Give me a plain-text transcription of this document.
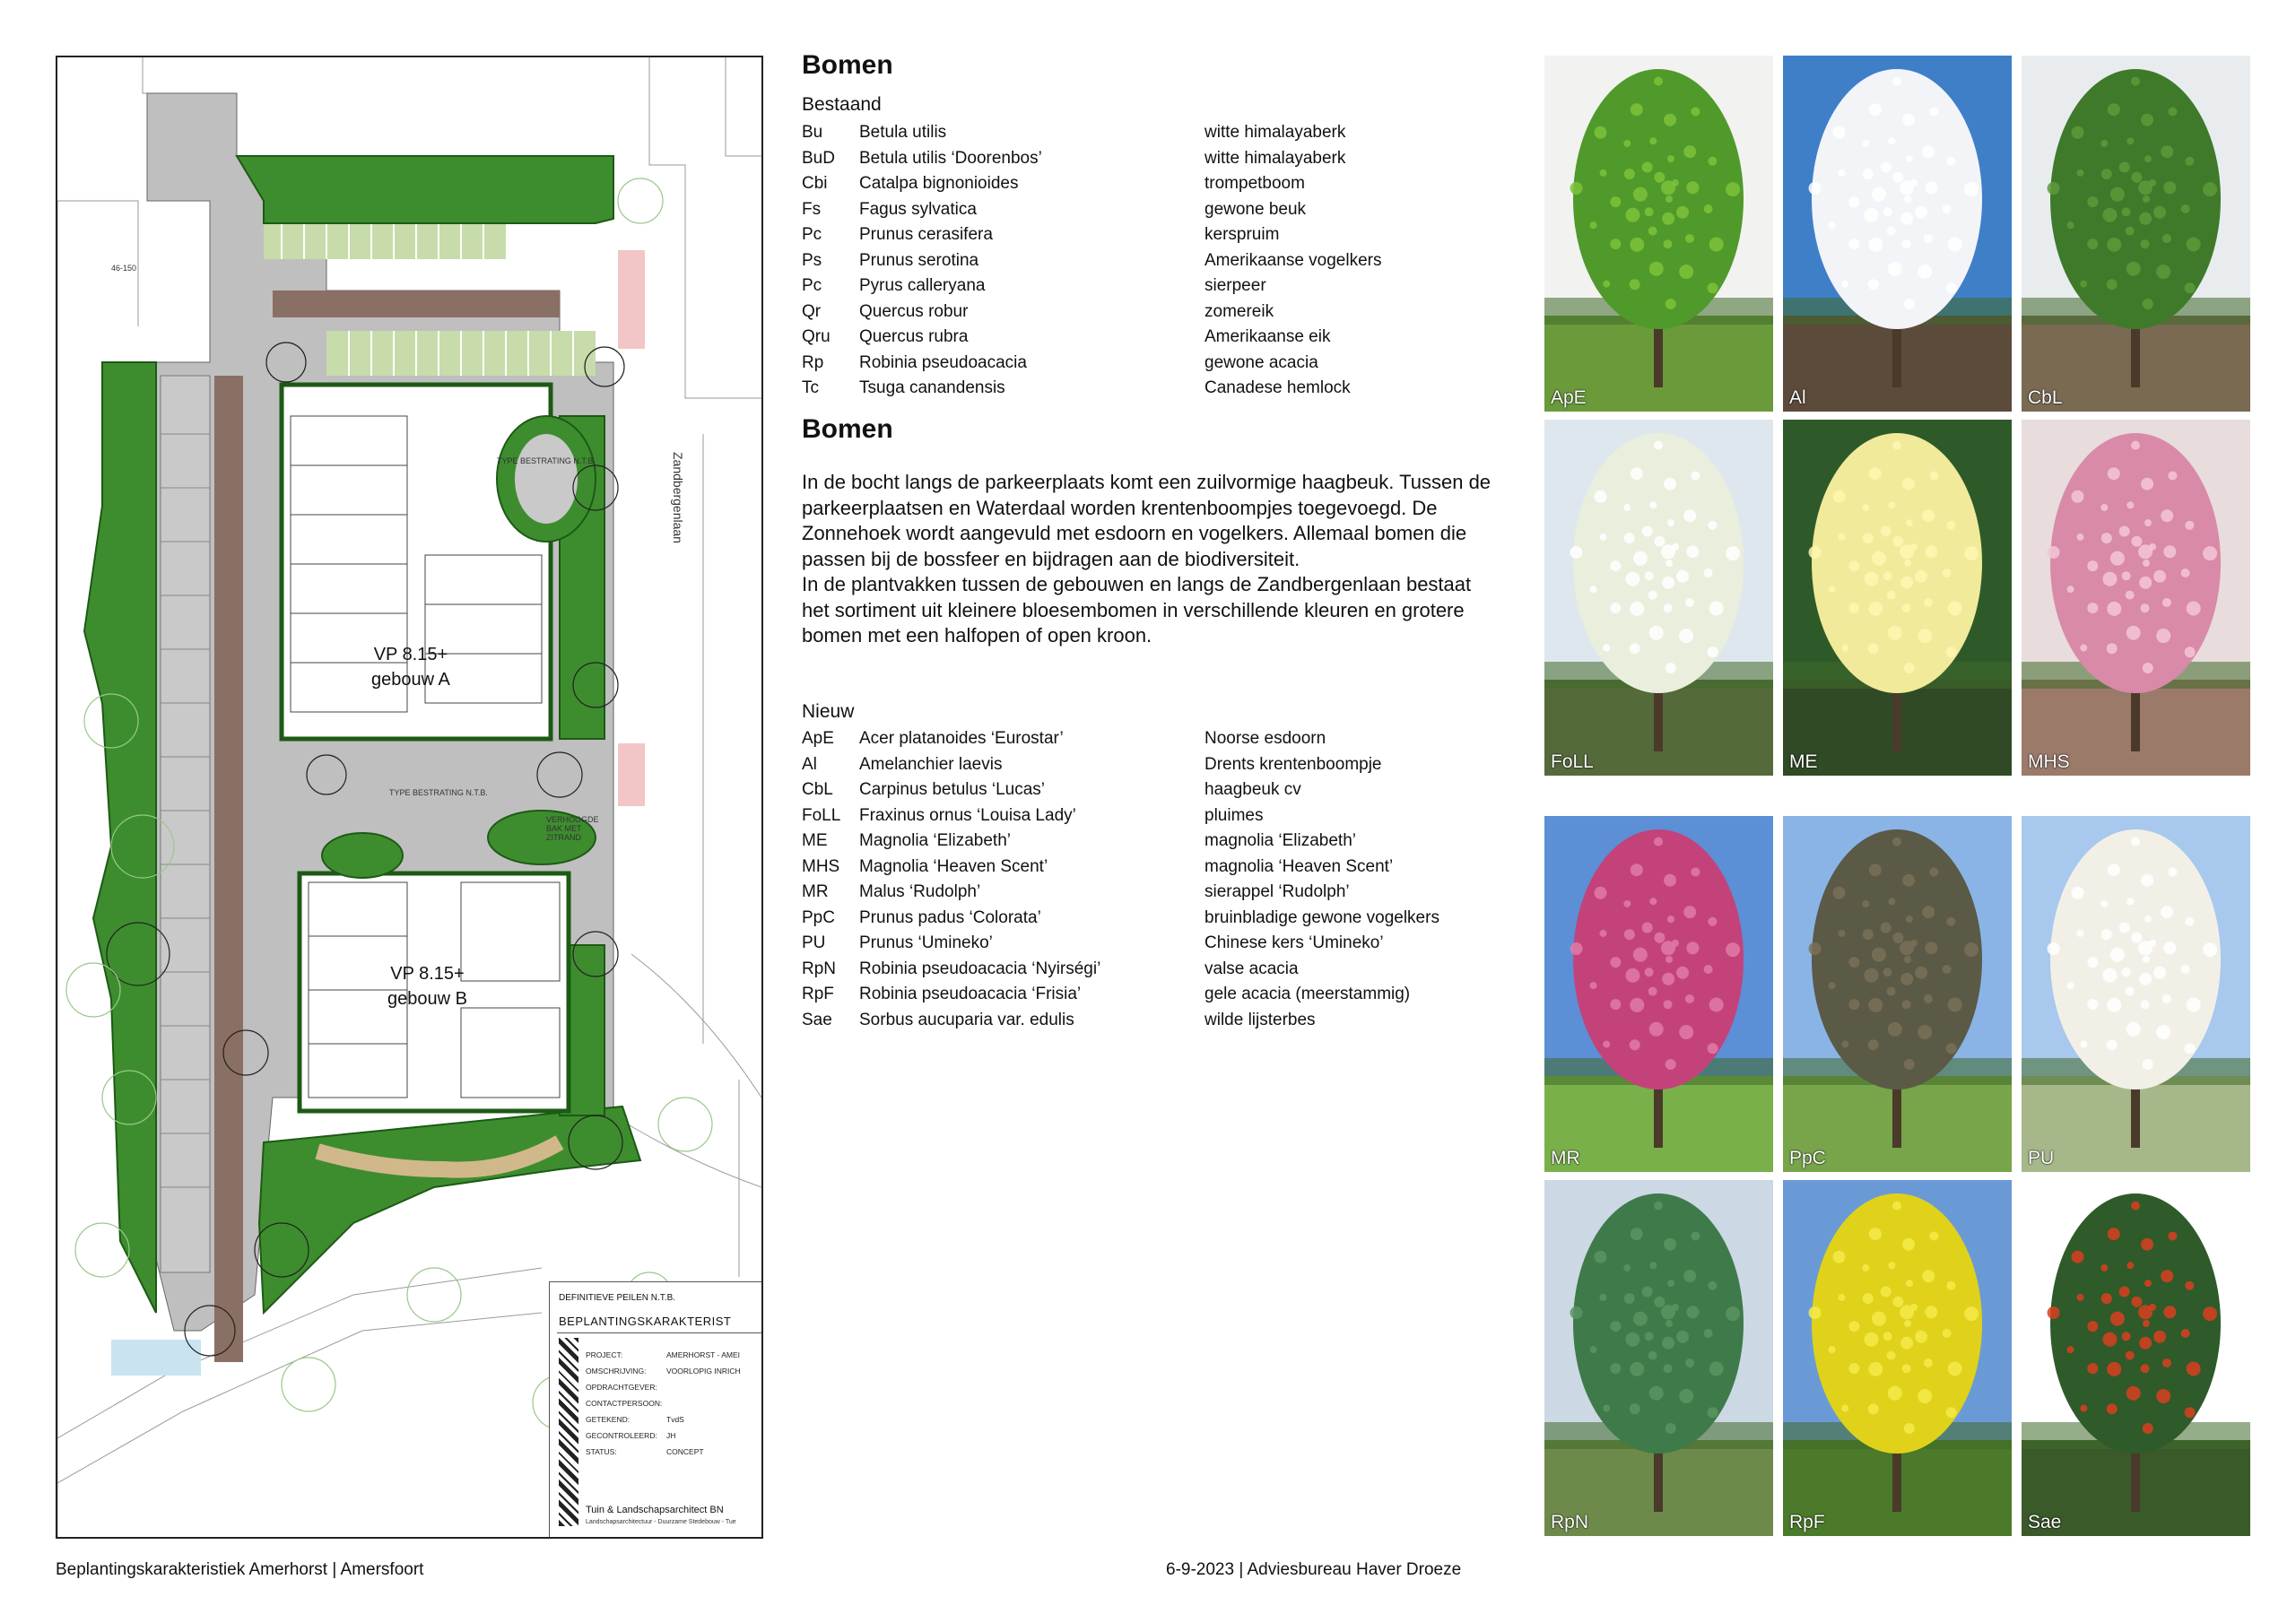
46-150
GERESERVEERDE RUIMTE VOOR PARKEREN N.T.
TYPE BESTRATING N.T.B.
TYPE BESTRATING N.T.B.
VERHOOGDE BAK MET ZITRAND
Zandbergenlaan
VP 8.15+
gebouw A
VP 8.15+
gebouw B
DEFINITIEVE PEILEN N.T.B.
BEPLANTINGSKARAKTERIST
PROJECT:	AMERHORST - AMEI
OMSCHRIJVING:	VOORLOPIG INRICH
OPDRACHTGEVER:
CONTACTPERSOON:
GETEKEND:	TvdS
GECONTROLEERD: JH
STATUS:	CONCEPT
Tuin & Landschapsarchitect BN
Landschapsarchitectuur - Duurzame Stedebouw - Tue
Bomen
Bestaand
Bu	Betula utilis	witte himalayaberk
BuD	Betula utilis ‘Doorenbos’	witte himalayaberk
Cbi	Catalpa bignonioides	trompetboom
Fs	Fagus sylvatica	gewone beuk
Pc	Prunus cerasifera	kerspruim
Ps	Prunus serotina	Amerikaanse vogelkers
Pc	Pyrus calleryana	sierpeer
Qr	Quercus robur	zomereik
Qru	Quercus rubra	Amerikaanse eik
Rp	Robinia pseudoacacia	gewone acacia
Tc	Tsuga canandensis	Canadese hemlock
Bomen
In de bocht langs de parkeerplaats komt een zuilvormige haagbeuk. Tussen de parkeerplaatsen en Waterdaal worden krentenboompjes toegevoegd. De Zonnehoek wordt aangevuld met esdoorn en vogelkers. Allemaal bomen die passen bij de bossfeer en bijdragen aan de biodiversiteit.
In de plantvakken tussen de gebouwen en langs de Zandbergenlaan bestaat het sortiment uit kleinere bloesembomen in verschillende kleuren en grotere bomen met een halfopen of open kroon.
Nieuw
ApE	Acer platanoides ‘Eurostar’	Noorse esdoorn
Al	Amelanchier laevis	Drents krentenboompje
CbL	Carpinus betulus ‘Lucas’	haagbeuk cv
FoLL	Fraxinus ornus ‘Louisa Lady’	pluimes
ME	Magnolia ‘Elizabeth’	magnolia ‘Elizabeth’
MHS	Magnolia ‘Heaven Scent’	magnolia ‘Heaven Scent’
MR	Malus ‘Rudolph’	sierappel ‘Rudolph’
PpC	Prunus padus ‘Colorata’	bruinbladige gewone vogelkers
PU	Prunus ‘Umineko’	Chinese kers ‘Umineko’
RpN	Robinia pseudoacacia ‘Nyirségi’	valse acacia
RpF	Robinia pseudoacacia ‘Frisia’	gele acacia (meerstammig)
Sae	Sorbus aucuparia var. edulis	wilde lijsterbes
ApE	Al	CbL
FoLL	ME	MHS
MR	PpC	PU
RpN	RpF	Sae
Beplantingskarakteristiek Amerhorst | Amersfoort	6-9-2023 | Adviesbureau Haver Droeze
